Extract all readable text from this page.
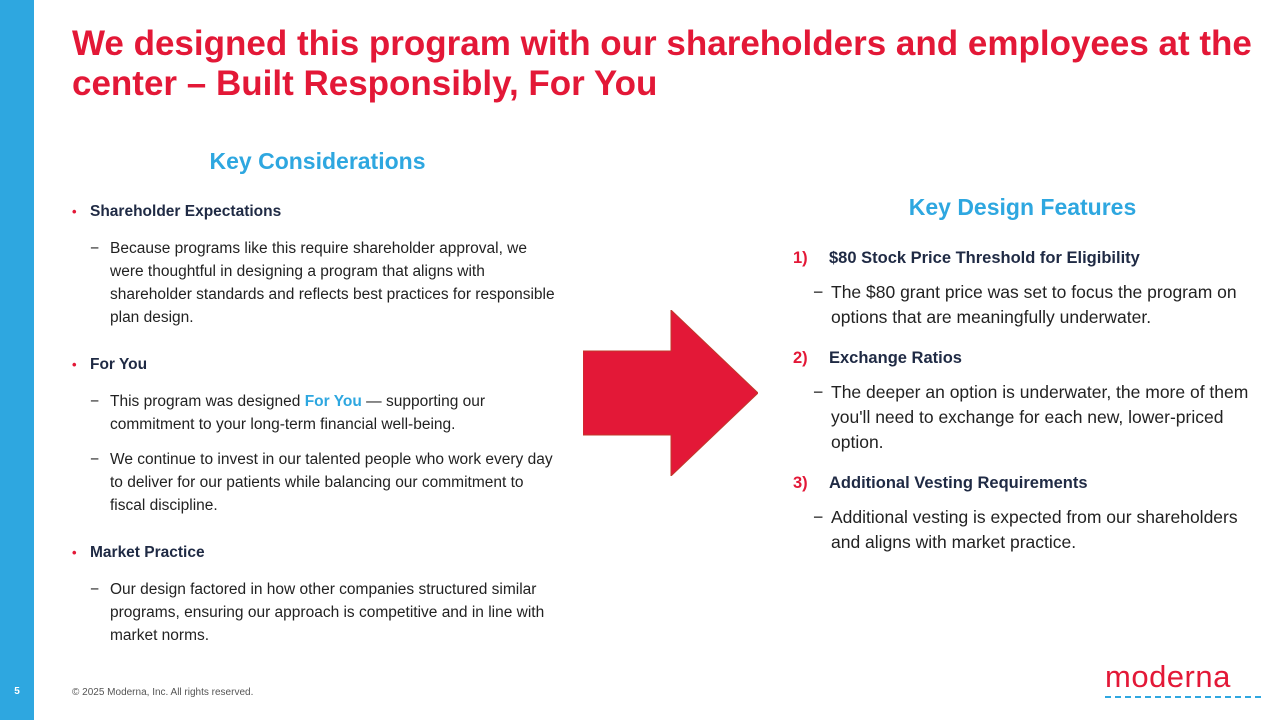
5
We designed this program with our shareholders and employees at the center – Built Responsibly, For You
Key Considerations
• Shareholder Expectations
− Because programs like this require shareholder approval, we were thoughtful in designing a program that aligns with shareholder standards and reflects best practices for responsible plan design.
• For You
− This program was designed For You — supporting our commitment to your long-term financial well-being.
− We continue to invest in our talented people who work every day to deliver for our patients while balancing our commitment to fiscal discipline.
• Market Practice
− Our design factored in how other companies structured similar programs, ensuring our approach is competitive and in line with market norms.
Key Design Features
1) $80 Stock Price Threshold for Eligibility
− The $80 grant price was set to focus the program on options that are meaningfully underwater.
2) Exchange Ratios
− The deeper an option is underwater, the more of them you'll need to exchange for each new, lower-priced option.
3) Additional Vesting Requirements
− Additional vesting is expected from our shareholders and aligns with market practice.
© 2025 Moderna, Inc. All rights reserved.	moderna
